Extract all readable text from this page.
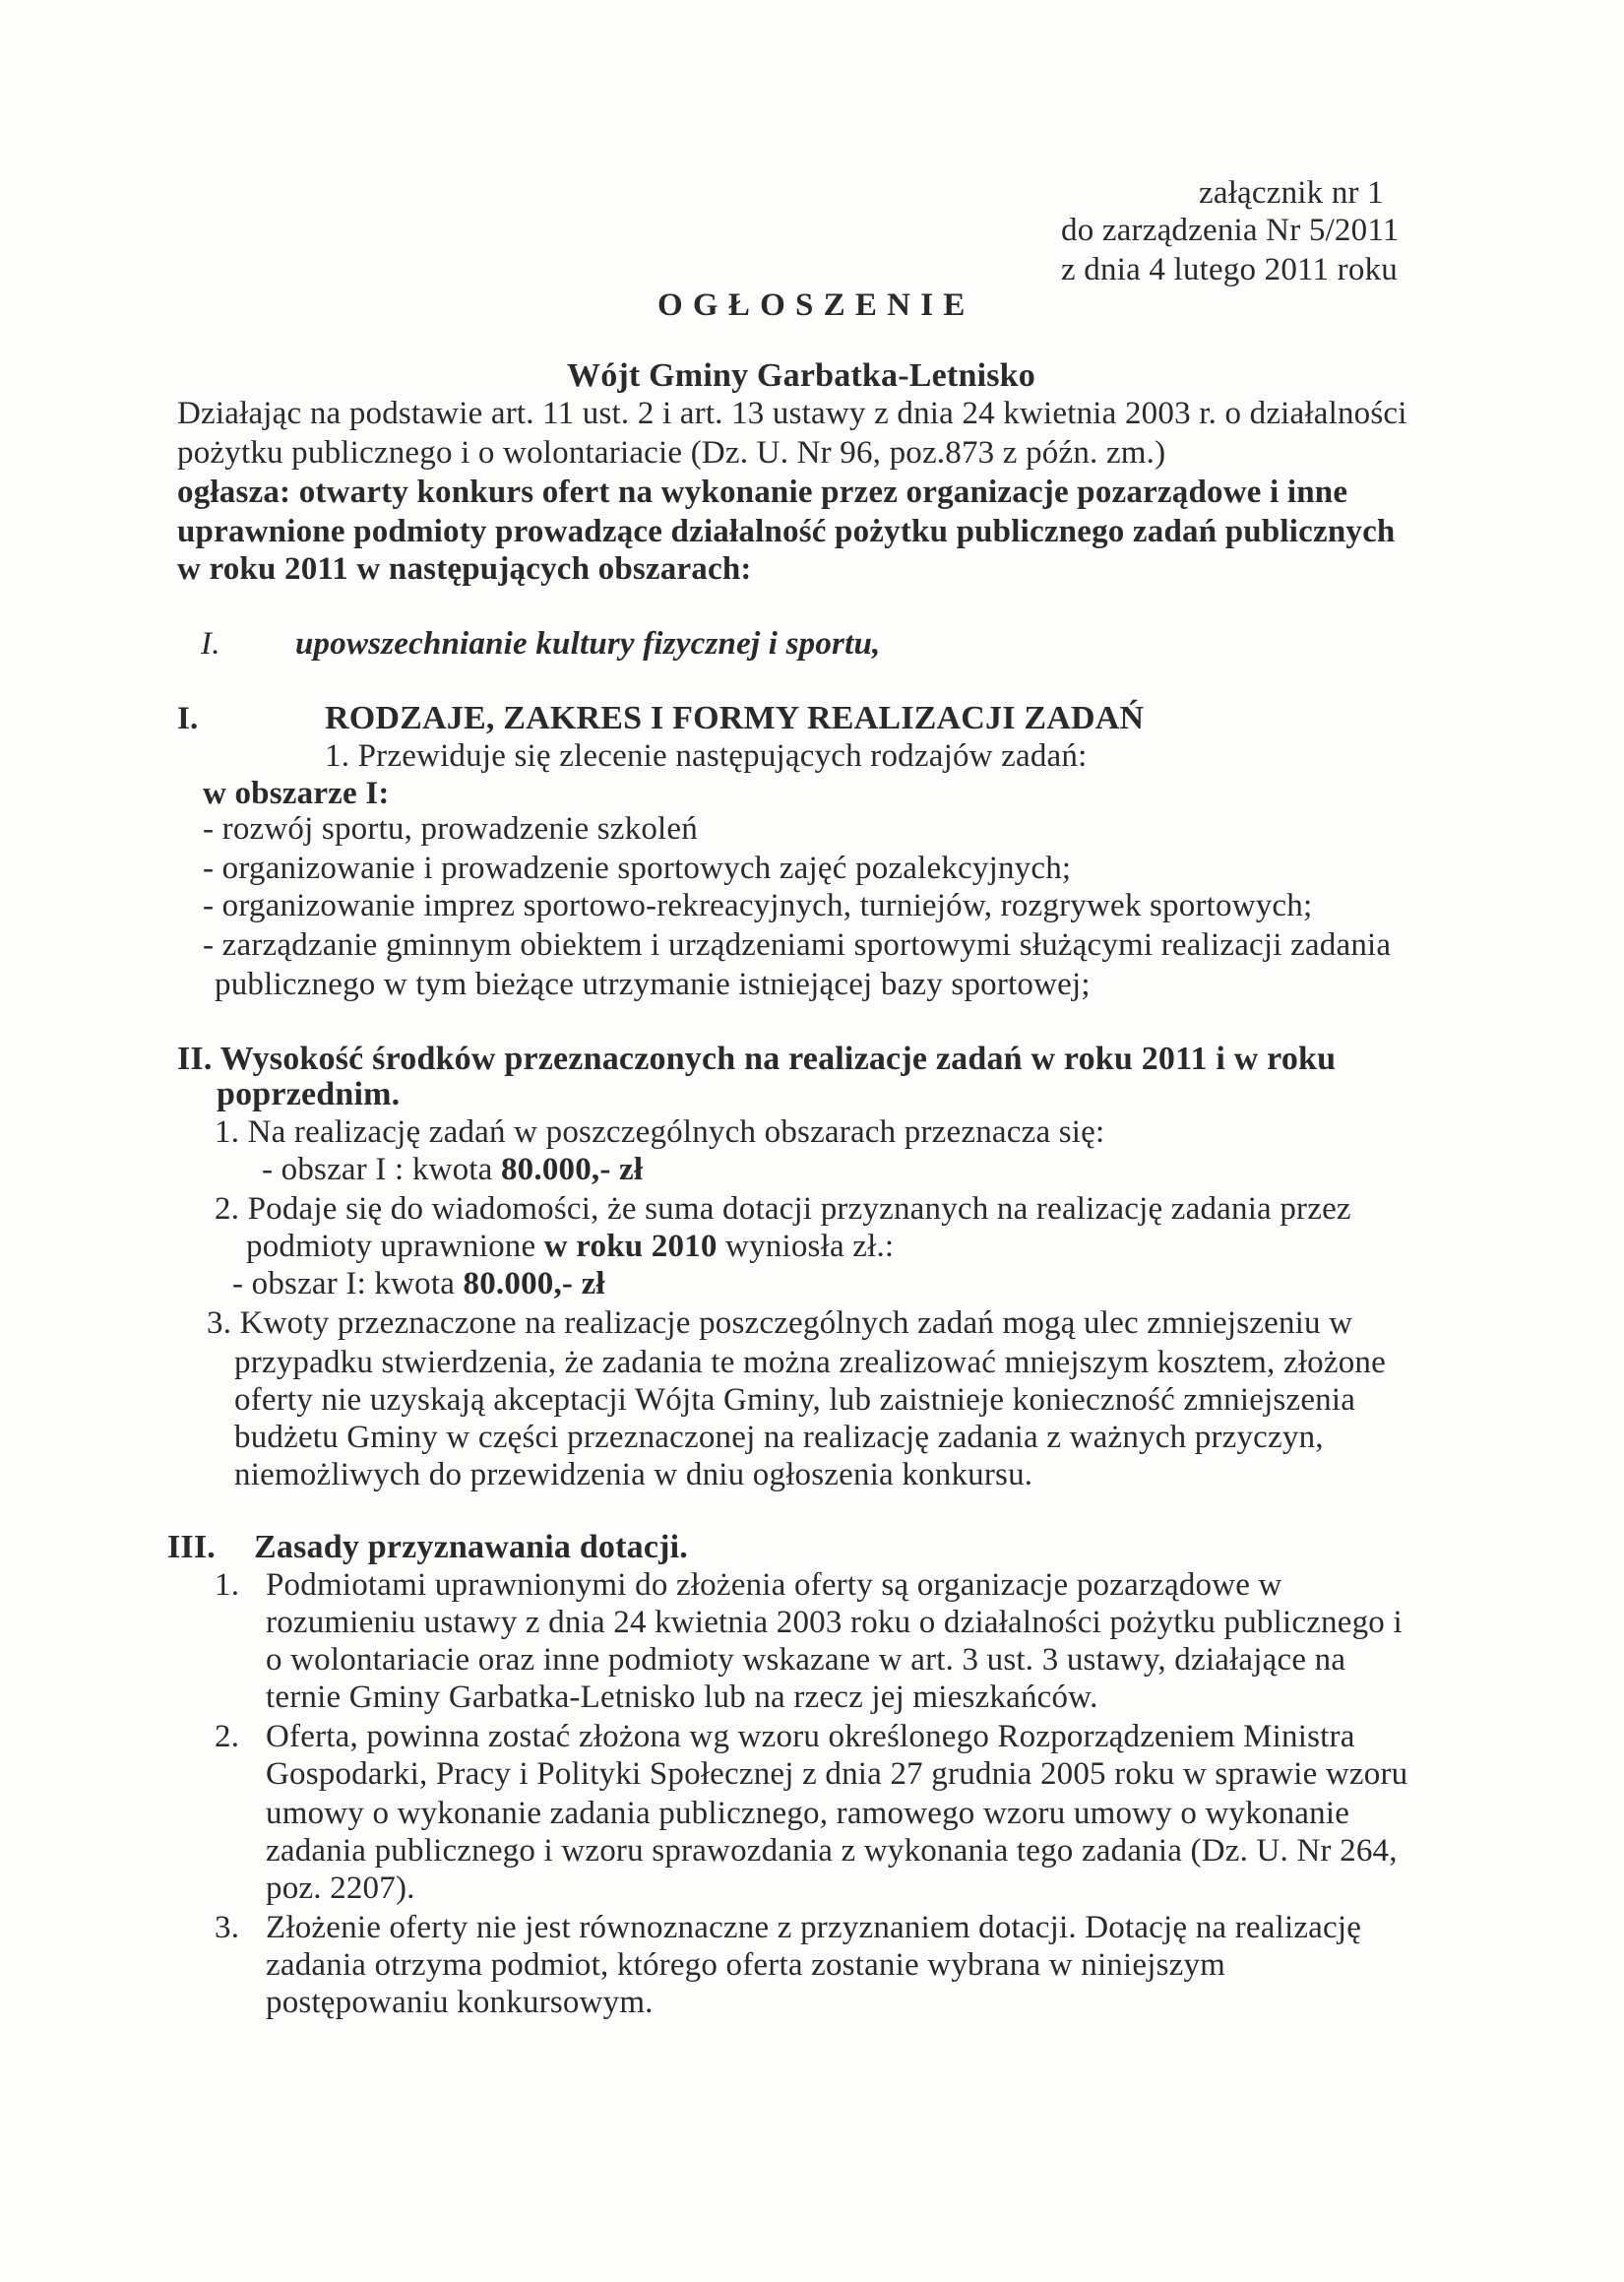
załącznik nr 1
do zarządzenia Nr 5/2011
z dnia 4 lutego 2011 roku
O G Ł O S Z E N I E
Wójt Gminy Garbatka-Letnisko
Działając na podstawie art. 11 ust. 2 i art. 13 ustawy z dnia 24 kwietnia 2003 r. o działalności
pożytku publicznego i o wolontariacie (Dz. U. Nr 96, poz.873 z późn. zm.)
ogłasza: otwarty konkurs ofert na wykonanie przez organizacje pozarządowe i inne
uprawnione podmioty prowadzące działalność pożytku publicznego zadań publicznych
w roku 2011 w następujących obszarach:
I. upowszechnianie kultury fizycznej i sportu,
I.	RODZAJE, ZAKRES I FORMY REALIZACJI ZADAŃ
1. Przewiduje się zlecenie następujących rodzajów zadań:
w obszarze I:
- rozwój sportu, prowadzenie szkoleń
- organizowanie i prowadzenie sportowych zajęć pozalekcyjnych;
- organizowanie imprez sportowo-rekreacyjnych, turniejów, rozgrywek sportowych;
- zarządzanie gminnym obiektem i urządzeniami sportowymi służącymi realizacji zadania
publicznego w tym bieżące utrzymanie istniejącej bazy sportowej;
II. Wysokość środków przeznaczonych na realizacje zadań w roku 2011 i w roku
poprzednim.
1. Na realizację zadań w poszczególnych obszarach przeznacza się:
- obszar I : kwota 80.000,- zł
2. Podaje się do wiadomości, że suma dotacji przyznanych na realizację zadania przez
podmioty uprawnione w roku 2010 wyniosła zł.:
- obszar I: kwota 80.000,- zł
3. Kwoty przeznaczone na realizacje poszczególnych zadań mogą ulec zmniejszeniu w
przypadku stwierdzenia, że zadania te można zrealizować mniejszym kosztem, złożone
oferty nie uzyskają akceptacji Wójta Gminy, lub zaistnieje konieczność zmniejszenia
budżetu Gminy w części przeznaczonej na realizację zadania z ważnych przyczyn,
niemożliwych do przewidzenia w dniu ogłoszenia konkursu.
III. Zasady przyznawania dotacji.
1. Podmiotami uprawnionymi do złożenia oferty są organizacje pozarządowe w
rozumieniu ustawy z dnia 24 kwietnia 2003 roku o działalności pożytku publicznego i
o wolontariacie oraz inne podmioty wskazane w art. 3 ust. 3 ustawy, działające na
ternie Gminy Garbatka-Letnisko lub na rzecz jej mieszkańców.
2. Oferta, powinna zostać złożona wg wzoru określonego Rozporządzeniem Ministra
Gospodarki, Pracy i Polityki Społecznej z dnia 27 grudnia 2005 roku w sprawie wzoru
umowy o wykonanie zadania publicznego, ramowego wzoru umowy o wykonanie
zadania publicznego i wzoru sprawozdania z wykonania tego zadania (Dz. U. Nr 264,
poz. 2207).
3. Złożenie oferty nie jest równoznaczne z przyznaniem dotacji. Dotację na realizację
zadania otrzyma podmiot, którego oferta zostanie wybrana w niniejszym
postępowaniu konkursowym.
